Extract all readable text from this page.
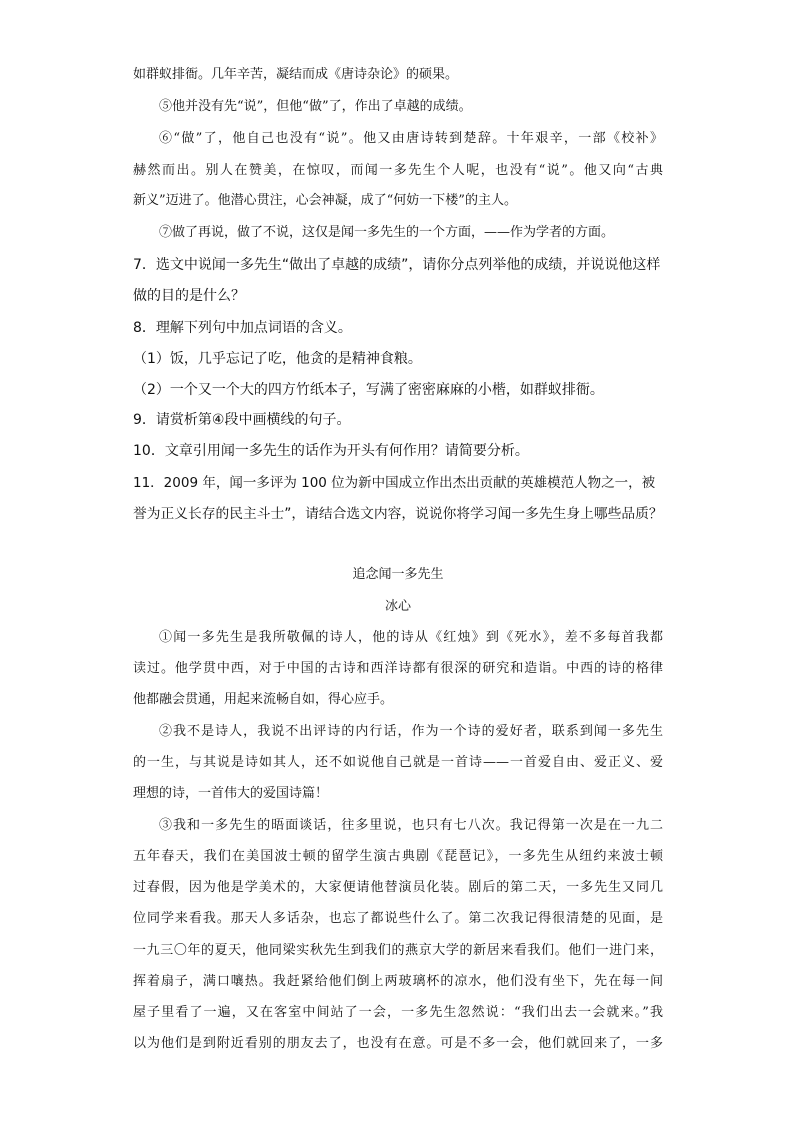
如群蚁排衙。几年辛苦，凝结而成《唐诗杂论》的硕果。
⑤他并没有先“说”，但他“做”了，作出了卓越的成绩。
⑥“做”了，他自己也没有“说”。他又由唐诗转到楚辞。十年艰辛，一部《校补》
赫然而出。别人在赞美，在惊叹，而闻一多先生个人呢，也没有“说”。他又向“古典
新义”迈进了。他潜心贯注，心会神凝，成了“何妨一下楼”的主人。
⑦做了再说，做了不说，这仅是闻一多先生的一个方面，——作为学者的方面。
7．选文中说闻一多先生“做出了卓越的成绩”，请你分点列举他的成绩，并说说他这样
做的目的是什么？
8．理解下列句中加点词语的含义。
（1）饭，几乎忘记了吃，他贪的是精神食粮。
（2）一个又一个大的四方竹纸本子，写满了密密麻麻的小楷，如群蚁排衙。
9．请赏析第④段中画横线的句子。
10．文章引用闻一多先生的话作为开头有何作用？请简要分析。
11．2009 年，闻一多评为 100 位为新中国成立作出杰出贡献的英雄模范人物之一，被
誉为正义长存的民主斗士”，请结合选文内容，说说你将学习闻一多先生身上哪些品质？
追念闻一多先生
冰心
①闻一多先生是我所敬佩的诗人，他的诗从《红烛》到《死水》，差不多每首我都
读过。他学贯中西，对于中国的古诗和西洋诗都有很深的研究和造诣。中西的诗的格律
他都融会贯通，用起来流畅自如，得心应手。
②我不是诗人，我说不出评诗的内行话，作为一个诗的爱好者，联系到闻一多先生
的一生，与其说是诗如其人，还不如说他自己就是一首诗——一首爱自由、爱正义、爱
理想的诗，一首伟大的爱国诗篇！
③我和一多先生的晤面谈话，往多里说，也只有七八次。我记得第一次是在一九二
五年春天，我们在美国波士顿的留学生演古典剧《琵琶记》，一多先生从纽约来波士顿
过春假，因为他是学美术的，大家便请他替演员化装。剧后的第二天，一多先生又同几
位同学来看我。那天人多话杂，也忘了都说些什么了。第二次我记得很清楚的见面，是
一九三〇年的夏天，他同梁实秋先生到我们的燕京大学的新居来看我们。他们一进门来，
挥着扇子，满口嚷热。我赶紧给他们倒上两玻璃杯的凉水，他们没有坐下，先在每一间
屋子里看了一遍，又在客室中间站了一会，一多先生忽然说：“我们出去一会就来。”我
以为他们是到附近看别的朋友去了，也没有在意。可是不多一会，他们就回来了，一多
